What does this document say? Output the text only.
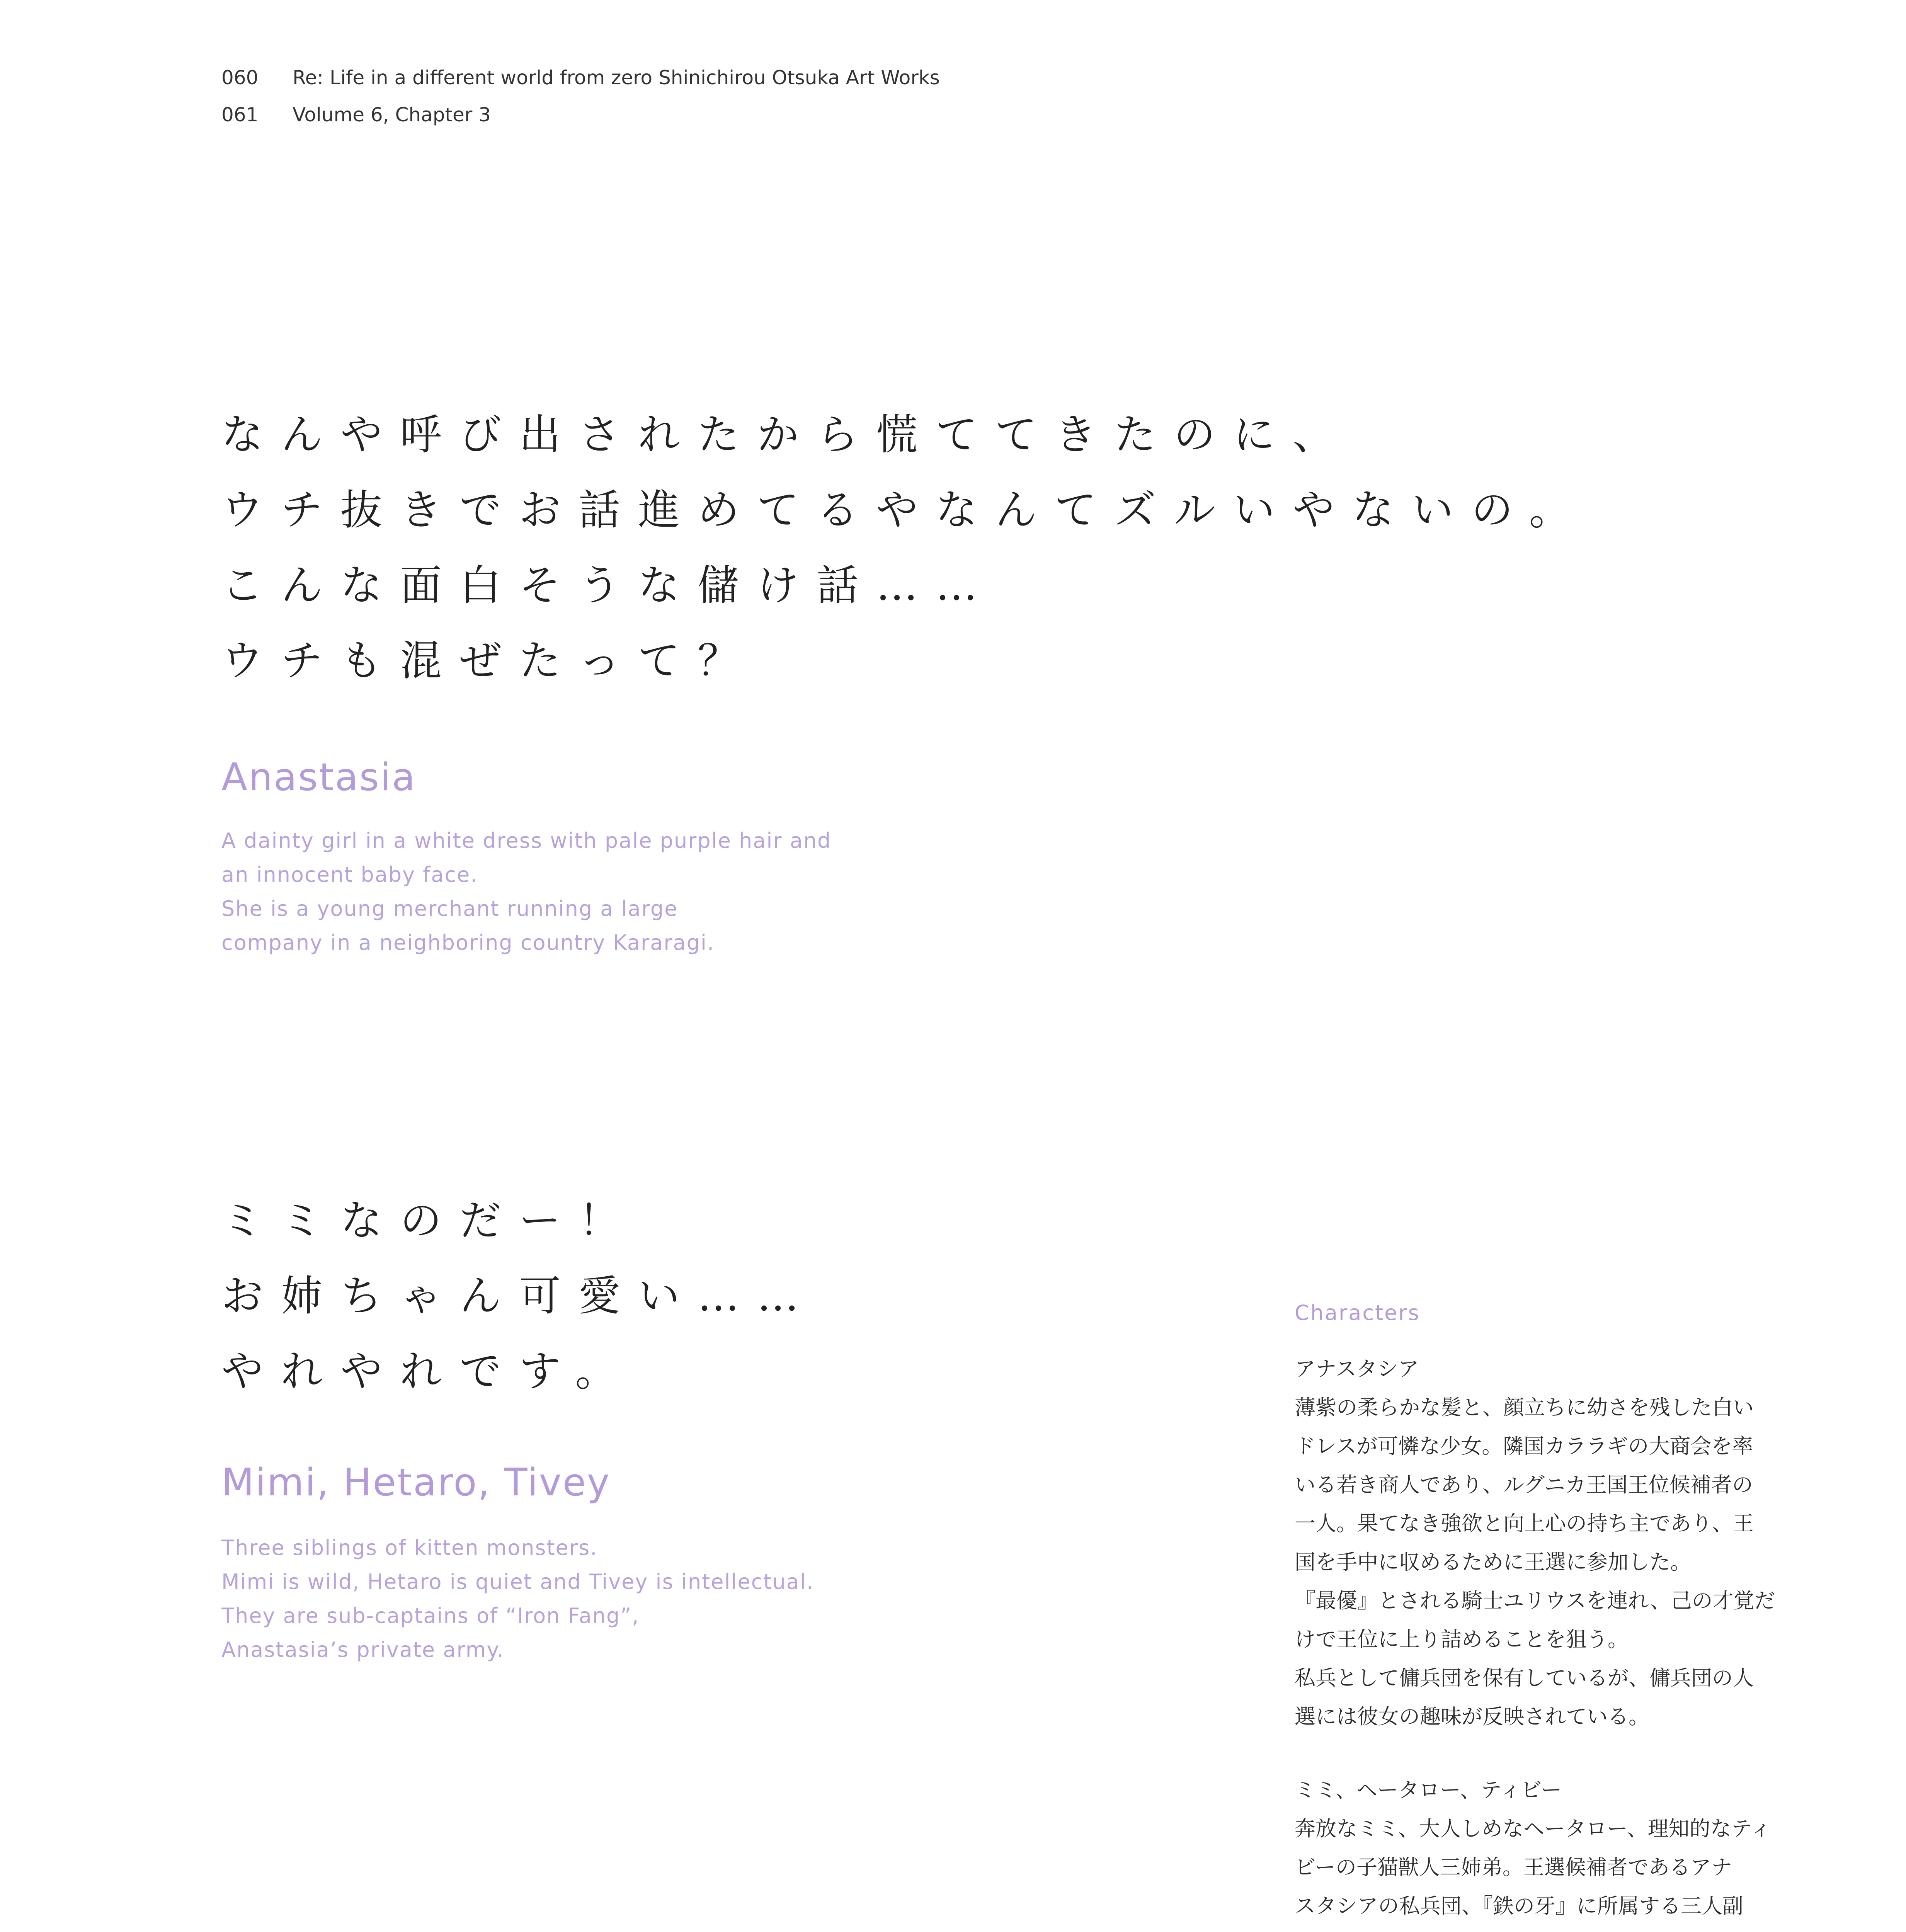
060	Re: Life in a different world from zero Shinichirou Otsuka Art Works
061	Volume 6, Chapter 3
なんや呼び出されたから慌ててきたのに、
ウチ抜きでお話進めてるやなんてズルいやないの。
こんな面白そうな儲け話……
ウチも混ぜたって？
Anastasia
A dainty girl in a white dress with pale purple hair and
an innocent baby face.
She is a young merchant running a large
company in a neighboring country Kararagi.
ミミなのだー！
お姉ちゃん可愛い……
やれやれです。
Mimi, Hetaro, Tivey
Three siblings of kitten monsters.
Mimi is wild, Hetaro is quiet and Tivey is intellectual.
They are sub-captains of “Iron Fang”,
Anastasia’s private army.
Characters
アナスタシア
薄紫の柔らかな髪と、顔立ちに幼さを残した白い
ドレスが可憐な少女。隣国カララギの大商会を率
いる若き商人であり、ルグニカ王国王位候補者の
一人。果てなき強欲と向上心の持ち主であり、王
国を手中に収めるために王選に参加した。
『最優』とされる騎士ユリウスを連れ、己の才覚だ
けで王位に上り詰めることを狙う。
私兵として傭兵団を保有しているが、傭兵団の人
選には彼女の趣味が反映されている。
ミミ、ヘータロー、ティビー
奔放なミミ、大人しめなヘータロー、理知的なティ
ビーの子猫獣人三姉弟。王選候補者であるアナ
スタシアの私兵団、『鉄の牙』に所属する三人副
